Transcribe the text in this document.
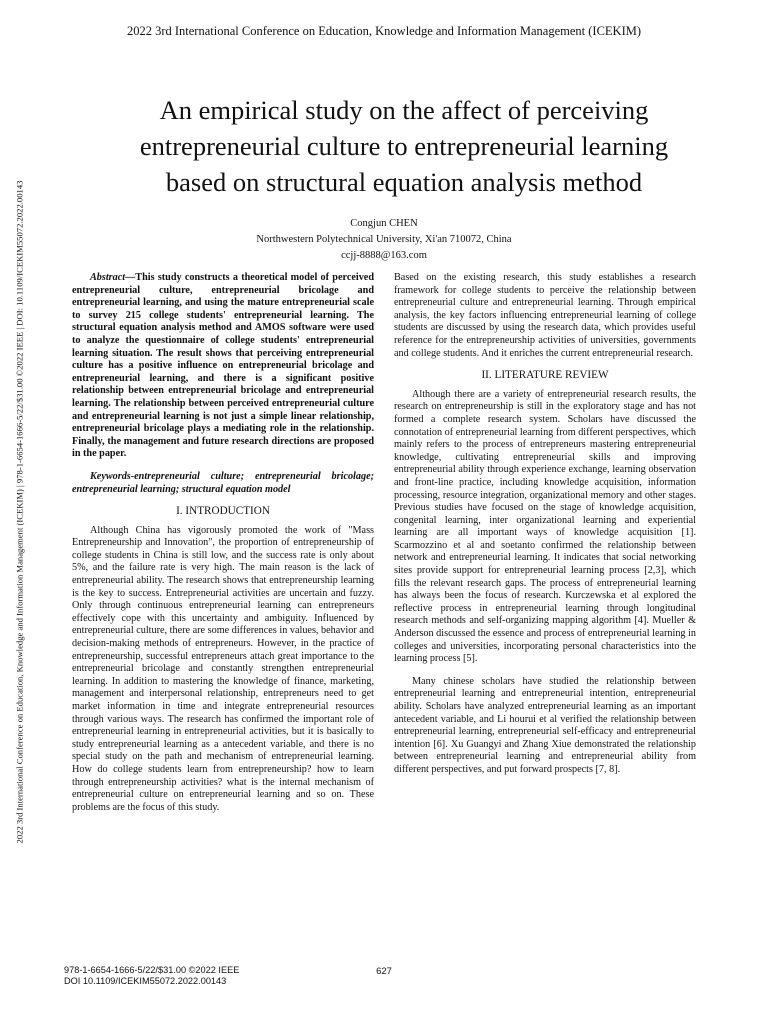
2022 3rd International Conference on Education, Knowledge and Information Management (ICEKIM)
2022 3rd International Conference on Education, Knowledge and Information Management (ICEKIM) | 978-1-6654-1666-5/22/$31.00 ©2022 IEEE | DOI: 10.1109/ICEKIM55072.2022.00143
An empirical study on the affect of perceiving
entrepreneurial culture to entrepreneurial learning
based on structural equation analysis method
Congjun CHEN
Northwestern Polytechnical University, Xi'an 710072, China
ccjj-8888@163.com

Abstract—This study constructs a theoretical model of perceived entrepreneurial culture, entrepreneurial bricolage and entrepreneurial learning, and using the mature entrepreneurial scale to survey 215 college students' entrepreneurial learning. The structural equation analysis method and AMOS software were used to analyze the questionnaire of college students' entrepreneurial learning situation. The result shows that perceiving entrepreneurial culture has a positive influence on entrepreneurial bricolage and entrepreneurial learning, and there is a significant positive relationship between entrepreneurial bricolage and entrepreneurial learning. The relationship between perceived entrepreneurial culture and entrepreneurial learning is not just a simple linear relationship, entrepreneurial bricolage plays a mediating role in the relationship. Finally, the management and future research directions are proposed in the paper.

Keywords-entrepreneurial culture; entrepreneurial bricolage; entrepreneurial learning; structural equation model

I. INTRODUCTION

Although China has vigorously promoted the work of "Mass Entrepreneurship and Innovation", the proportion of entrepreneurship of college students in China is still low, and the success rate is only about 5%, and the failure rate is very high. The main reason is the lack of entrepreneurial ability. The research shows that entrepreneurship learning is the key to success. Entrepreneurial activities are uncertain and fuzzy. Only through continuous entrepreneurial learning can entrepreneurs effectively cope with this uncertainty and ambiguity. Influenced by entrepreneurial culture, there are some differences in values, behavior and decision-making methods of entrepreneurs. However, in the practice of entrepreneurship, successful entrepreneurs attach great importance to the entrepreneurial bricolage and constantly strengthen entrepreneurial learning. In addition to mastering the knowledge of finance, marketing, management and interpersonal relationship, entrepreneurs need to get market information in time and integrate entrepreneurial resources through various ways. The research has confirmed the important role of entrepreneurial learning in entrepreneurial activities, but it is basically to study entrepreneurial learning as a antecedent variable, and there is no special study on the path and mechanism of entrepreneurial learning. How do college students learn from entrepreneurship? how to learn through entrepreneurship activities? what is the internal mechanism of entrepreneurial culture on entrepreneurial learning and so on. These problems are the focus of this study.

Based on the existing research, this study establishes a research framework for college students to perceive the relationship between entrepreneurial culture and entrepreneurial learning. Through empirical analysis, the key factors influencing entrepreneurial learning of college students are discussed by using the research data, which provides useful reference for the entrepreneurship activities of universities, governments and college students. And it enriches the current entrepreneurial research.

II. LITERATURE REVIEW

Although there are a variety of entrepreneurial research results, the research on entrepreneurship is still in the exploratory stage and has not formed a complete research system. Scholars have discussed the connotation of entrepreneurial learning from different perspectives, which mainly refers to the process of entrepreneurs mastering entrepreneurial knowledge, cultivating entrepreneurial skills and improving entrepreneurial ability through experience exchange, learning observation and front-line practice, including knowledge acquisition, information processing, resource integration, organizational memory and other stages. Previous studies have focused on the stage of knowledge acquisition, congenital learning, inter organizational learning and experiential learning are all important ways of knowledge acquisition [1]. Scarmozzino et al and soetanto confirmed the relationship between network and entrepreneurial learning. It indicates that social networking sites provide support for entrepreneurial learning process [2,3], which fills the relevant research gaps. The process of entrepreneurial learning has always been the focus of research. Kurczewska et al explored the reflective process in entrepreneurial learning through longitudinal research methods and self-organizing mapping algorithm [4]. Mueller & Anderson discussed the essence and process of entrepreneurial learning in colleges and universities, incorporating personal characteristics into the learning process [5].

Many chinese scholars have studied the relationship between entrepreneurial learning and entrepreneurial intention, entrepreneurial ability. Scholars have analyzed entrepreneurial learning as an important antecedent variable, and Li hourui et al verified the relationship between entrepreneurial learning, entrepreneurial self-efficacy and entrepreneurial intention [6]. Xu Guangyi and Zhang Xiue demonstrated the relationship between entrepreneurial learning and entrepreneurial ability from different perspectives, and put forward prospects [7, 8].

978-1-6654-1666-5/22/$31.00 ©2022 IEEE
DOI 10.1109/ICEKIM55072.2022.00143
627
